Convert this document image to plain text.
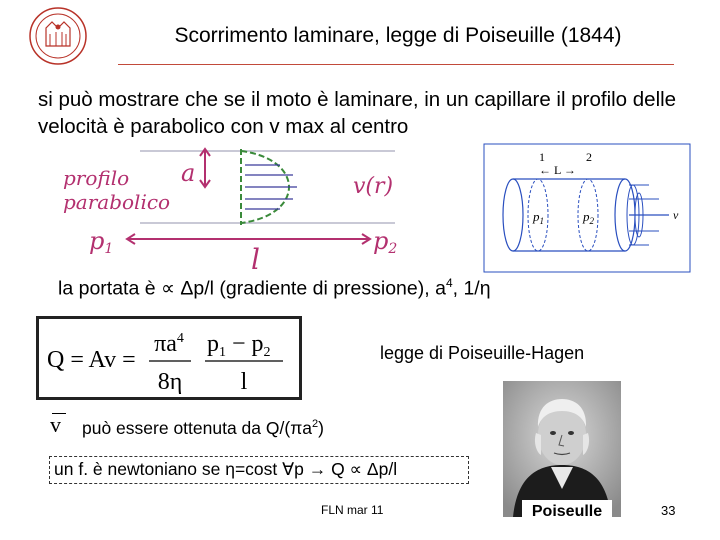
Scorrimento laminare, legge di Poiseuille (1844)
si può mostrare che se il moto è laminare, in un capillare il profilo delle velocità è parabolico con v max al centro
profilo
parabolico
a	v(r)
p1	p2
l
1	2
← L →
v
$p_1$	$p_2$
la portata è ∝ Δp/l (gradiente di pressione), $a^4$, 1/η
Q = Av =
$\pi a^4$
8η
$p_1 - p_2$
l
legge di Poiseuille-Hagen
v può essere ottenuta da $Q/(\pi a^2)$
un f. è newtoniano se η=cost ∀p → Q ∝ Δp/l
Poiseulle
FLN mar 11	33
